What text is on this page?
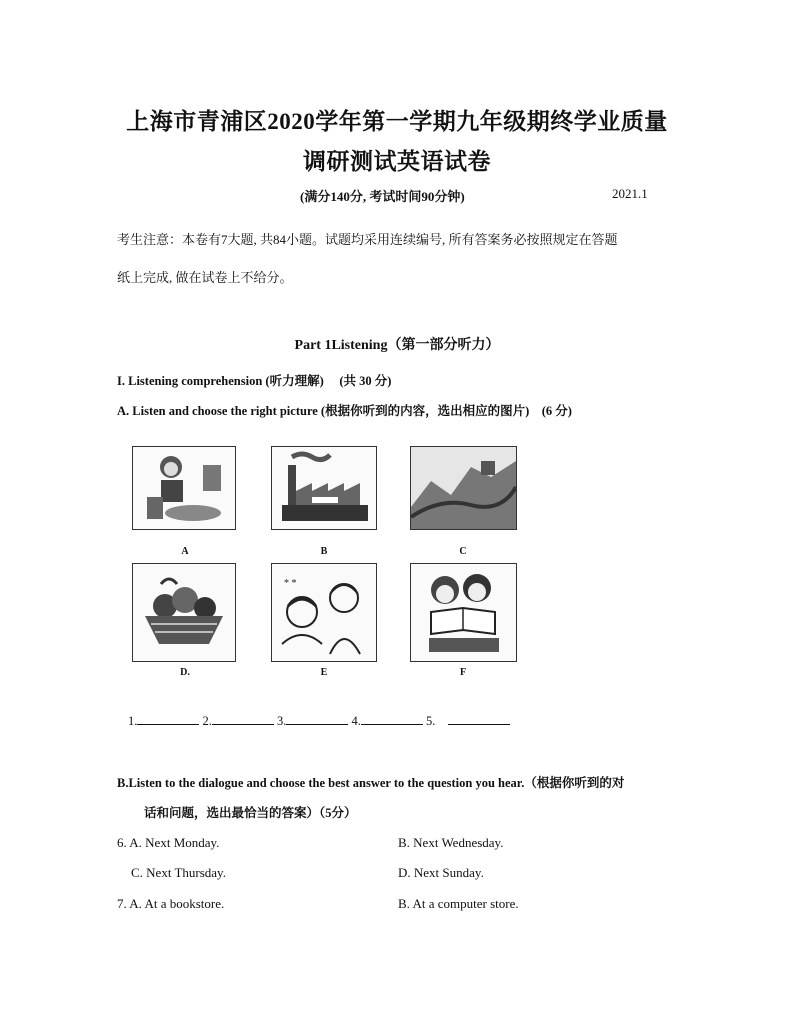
上海市青浦区2020学年第一学期九年级期终学业质量
调研测试英语试卷
(满分140分, 考试时间90分钟)	2021.1
考生注意：本卷有7大题, 共84小题。试题均采用连续编号, 所有答案务必按照规定在答题
纸上完成, 做在试卷上不给分。
Part 1Listening（第一部分听力）
I. Listening comprehension (听力理解)　 (共 30 分)
A. Listen and choose the right picture (根据你听到的内容，选出相应的图片)　(6 分)
A	B	C
D.
* *
E	F
1.	2.	3.	4.	5.
B.Listen to the dialogue and choose the best answer to the question you hear.（根据你听到的对
话和问题，选出最恰当的答案）（5分）
6. A. Next Monday.	B. Next Wednesday.
C. Next Thursday.	D. Next Sunday.
7. A. At a bookstore.	B. At a computer store.
